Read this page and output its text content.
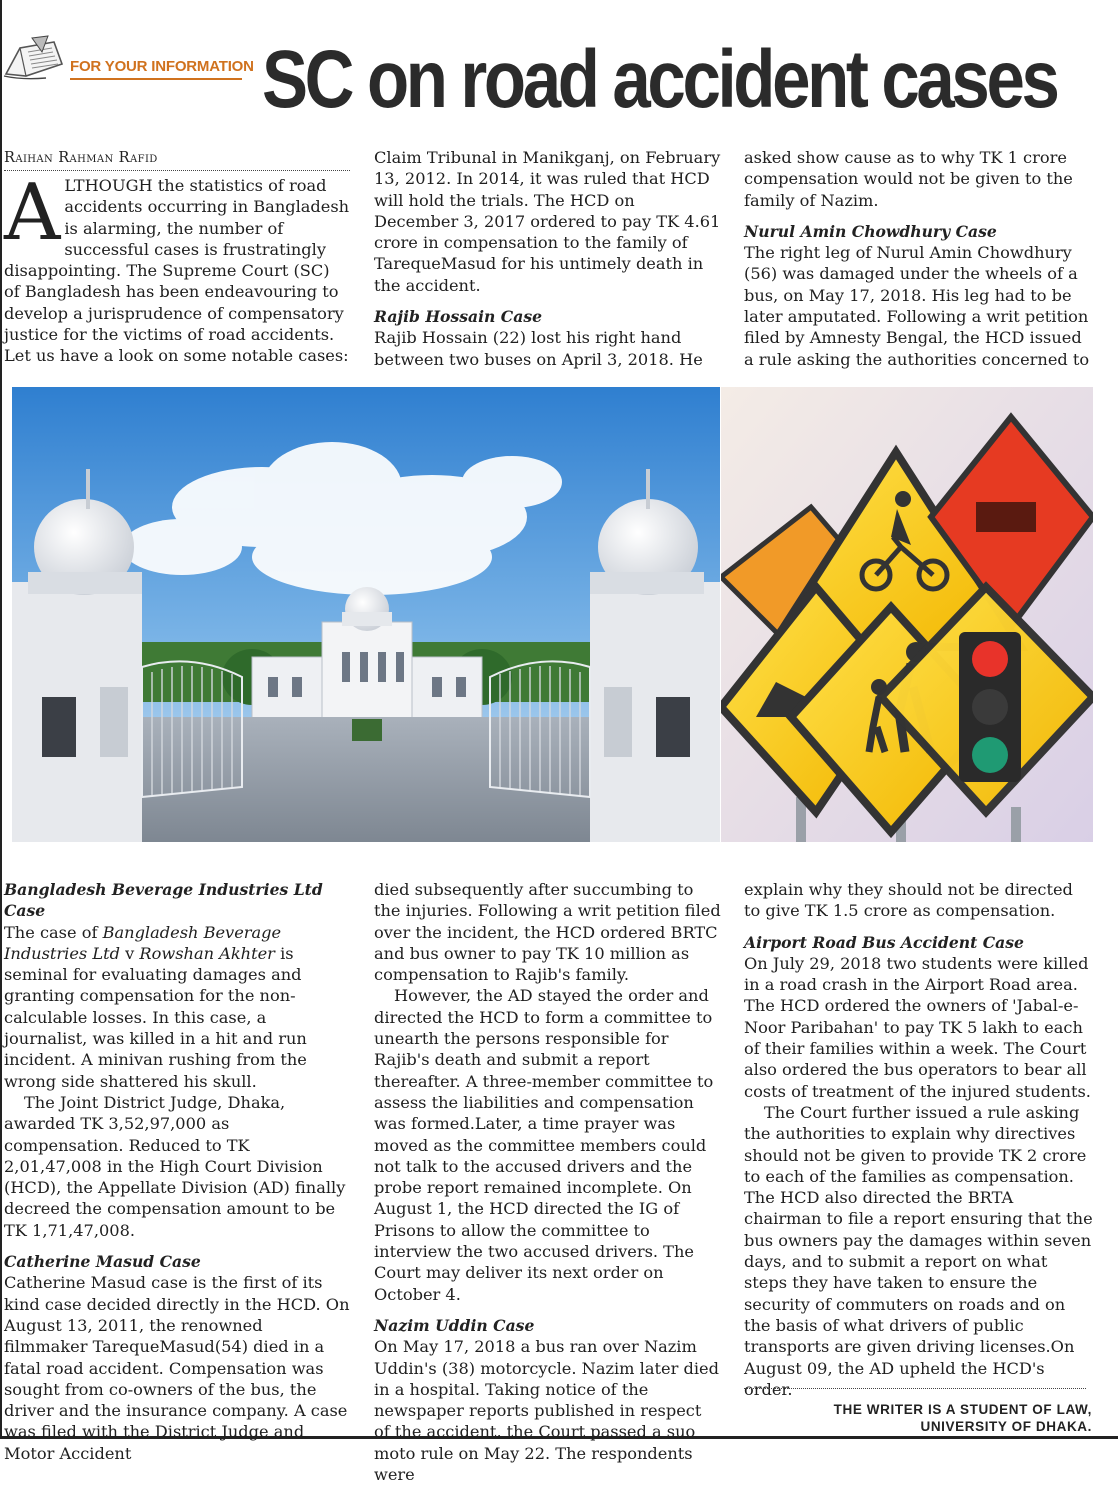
FOR YOUR INFORMATION SC on road accident cases
Raihan Rahman Rafid

ALTHOUGH the statistics of road accidents occurring in Bangladesh is alarming, the number of successful cases is frustratingly disappointing. The Supreme Court (SC) of Bangladesh has been endeavouring to develop a jurisprudence of compensatory justice for the victims of road accidents. Let us have a look on some notable cases:

Claim Tribunal in Manikganj, on February 13, 2012. In 2014, it was ruled that HCD will hold the trials. The HCD on December 3, 2017 ordered to pay TK 4.61 crore in compensation to the family of TarequeMasud for his untimely death in the accident.

Rajib Hossain Case

Rajib Hossain (22) lost his right hand between two buses on April 3, 2018. He

asked show cause as to why TK 1 crore compensation would not be given to the family of Nazim.

Nurul Amin Chowdhury Case

The right leg of Nurul Amin Chowdhury (56) was damaged under the wheels of a bus, on May 17, 2018. His leg had to be later amputated. Following a writ petition filed by Amnesty Bengal, the HCD issued a rule asking the authorities concerned to

Bangladesh Beverage Industries Ltd Case

The case of Bangladesh Beverage Industries Ltd v Rowshan Akhter is seminal for evaluating damages and granting compensation for the non-calculable losses. In this case, a journalist, was killed in a hit and run incident. A minivan rushing from the wrong side shattered his skull.

The Joint District Judge, Dhaka, awarded TK 3,52,97,000 as compensation. Reduced to TK 2,01,47,008 in the High Court Division (HCD), the Appellate Division (AD) finally decreed the compensation amount to be TK 1,71,47,008.

Catherine Masud Case

Catherine Masud case is the first of its kind case decided directly in the HCD. On August 13, 2011, the renowned filmmaker TarequeMasud(54) died in a fatal road accident. Compensation was sought from co-owners of the bus, the driver and the insurance company. A case was filed with the District Judge and Motor Accident

died subsequently after succumbing to the injuries. Following a writ petition filed over the incident, the HCD ordered BRTC and bus owner to pay TK 10 million as compensation to Rajib's family.

However, the AD stayed the order and directed the HCD to form a committee to unearth the persons responsible for Rajib's death and submit a report thereafter. A three-member committee to assess the liabilities and compensation was formed.Later, a time prayer was moved as the committee members could not talk to the accused drivers and the probe report remained incomplete. On August 1, the HCD directed the IG of Prisons to allow the committee to interview the two accused drivers. The Court may deliver its next order on October 4.

Nazim Uddin Case

On May 17, 2018 a bus ran over Nazim Uddin's (38) motorcycle. Nazim later died in a hospital. Taking notice of the newspaper reports published in respect of the accident, the Court passed a suo moto rule on May 22. The respondents were

explain why they should not be directed to give TK 1.5 crore as compensation.

Airport Road Bus Accident Case

On July 29, 2018 two students were killed in a road crash in the Airport Road area. The HCD ordered the owners of 'Jabal-e-Noor Paribahan' to pay TK 5 lakh to each of their families within a week. The Court also ordered the bus operators to bear all costs of treatment of the injured students.

The Court further issued a rule asking the authorities to explain why directives should not be given to provide TK 2 crore to each of the families as compensation. The HCD also directed the BRTA chairman to file a report ensuring that the bus owners pay the damages within seven days, and to submit a report on what steps they have taken to ensure the security of commuters on roads and on the basis of what drivers of public transports are given driving licenses.On August 09, the AD upheld the HCD's order.

THE WRITER IS A STUDENT OF LAW,
UNIVERSITY OF DHAKA.
